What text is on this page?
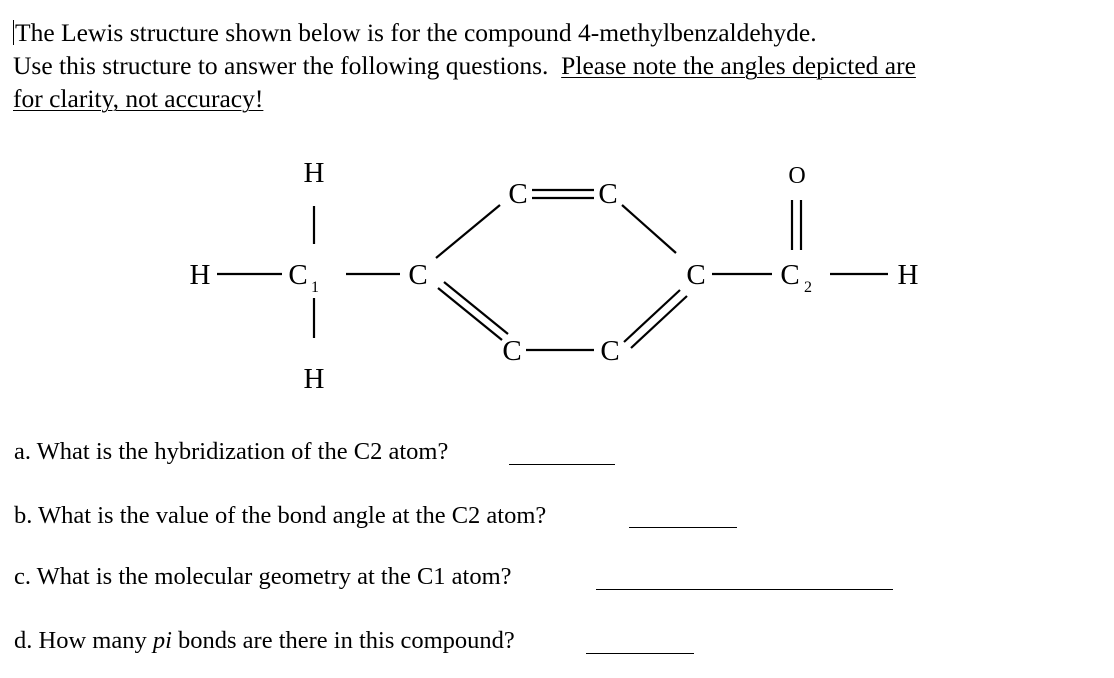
The Lewis structure shown below is for the compound 4-methylbenzaldehyde.
Use this structure to answer the following questions. Please note the angles depicted are
for clarity, not accuracy!
H
H
H	C 1	C
C C
C
C	C
O
C 2	H
a. What is the hybridization of the C2 atom?
b. What is the value of the bond angle at the C2 atom?
c. What is the molecular geometry at the C1 atom?
d. How many pi bonds are there in this compound?
